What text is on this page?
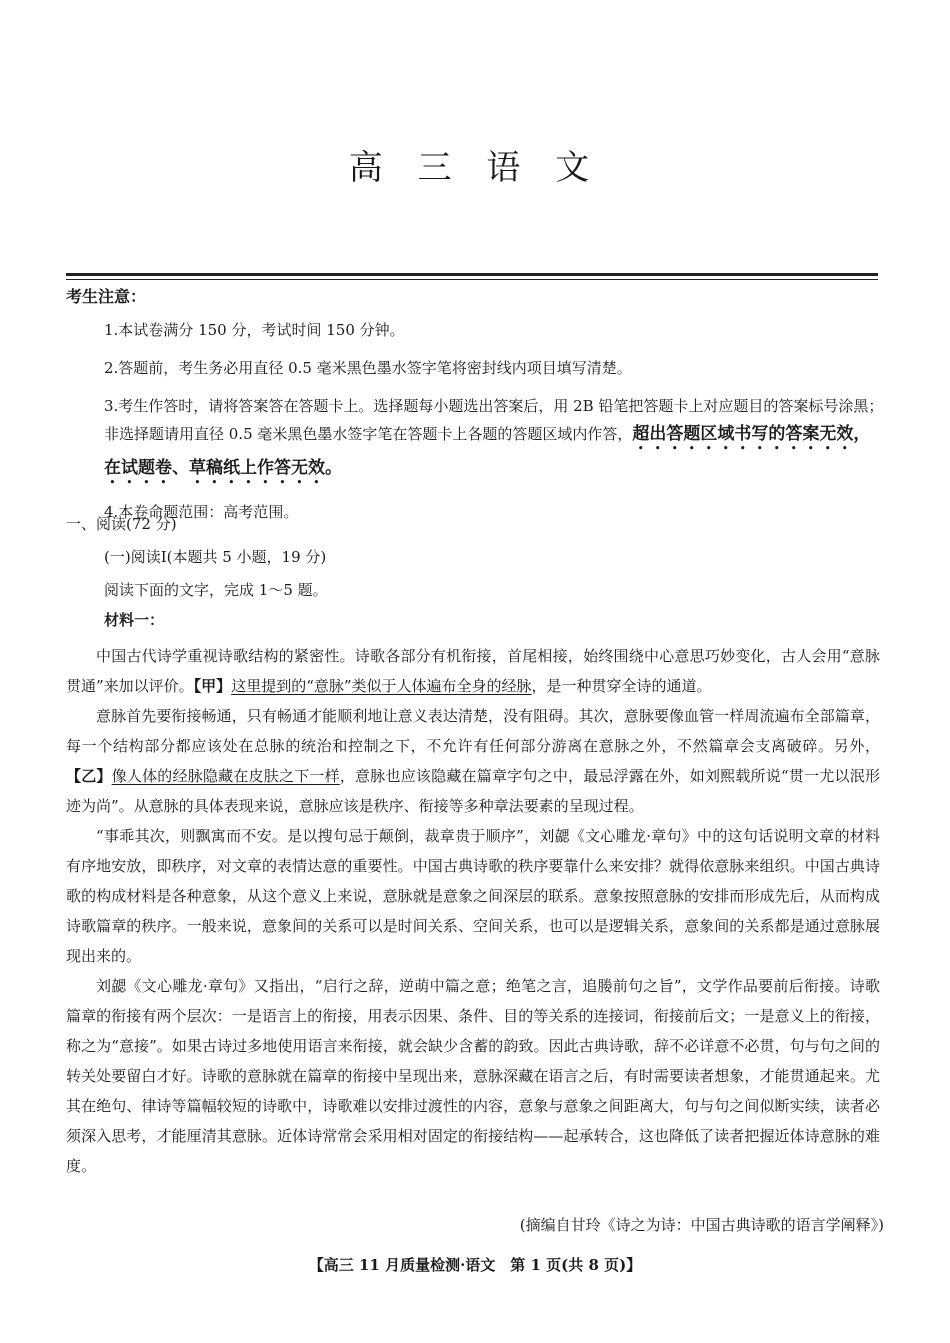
高 三 语 文
考生注意：
1.本试卷满分 150 分，考试时间 150 分钟。
2.答题前，考生务必用直径 0.5 毫米黑色墨水签字笔将密封线内项目填写清楚。
3.考生作答时，请将答案答在答题卡上。选择题每小题选出答案后，用 2B 铅笔把答题卡上对应题目的答案标号涂黑；非选择题请用直径 0.5 毫米黑色墨水签字笔在答题卡上各题的答题区域内作答，超出答题区域书写的答案无效，在试题卷、草稿纸上作答无效。
4.本卷命题范围：高考范围。
一、阅读(72 分)
(一)阅读Ⅰ(本题共 5 小题，19 分)
阅读下面的文字，完成 1～5 题。
材料一：

中国古代诗学重视诗歌结构的紧密性。诗歌各部分有机衔接，首尾相接，始终围绕中心意思巧妙变化，古人会用“意脉贯通”来加以评价。【甲】这里提到的“意脉”类似于人体遍布全身的经脉，是一种贯穿全诗的通道。

意脉首先要衔接畅通，只有畅通才能顺利地让意义表达清楚，没有阻碍。其次，意脉要像血管一样周流遍布全部篇章，每一个结构部分都应该处在总脉的统治和控制之下，不允许有任何部分游离在意脉之外，不然篇章会支离破碎。另外，【乙】像人体的经脉隐藏在皮肤之下一样，意脉也应该隐藏在篇章字句之中，最忌浮露在外，如刘熙载所说“贯一尤以泯形迹为尚”。从意脉的具体表现来说，意脉应该是秩序、衔接等多种章法要素的呈现过程。

“事乖其次，则飘寓而不安。是以搜句忌于颠倒，裁章贵于顺序”，刘勰《文心雕龙·章句》中的这句话说明文章的材料有序地安放，即秩序，对文章的表情达意的重要性。中国古典诗歌的秩序要靠什么来安排？就得依意脉来组织。中国古典诗歌的构成材料是各种意象，从这个意义上来说，意脉就是意象之间深层的联系。意象按照意脉的安排而形成先后，从而构成诗歌篇章的秩序。一般来说，意象间的关系可以是时间关系、空间关系，也可以是逻辑关系，意象间的关系都是通过意脉展现出来的。

刘勰《文心雕龙·章句》又指出，“启行之辞，逆萌中篇之意；绝笔之言，追媵前句之旨”，文学作品要前后衔接。诗歌篇章的衔接有两个层次：一是语言上的衔接，用表示因果、条件、目的等关系的连接词，衔接前后文；一是意义上的衔接，称之为“意接”。如果古诗过多地使用语言来衔接，就会缺少含蓄的韵致。因此古典诗歌，辞不必详意不必贯，句与句之间的转关处要留白才好。诗歌的意脉就在篇章的衔接中呈现出来，意脉深藏在语言之后，有时需要读者想象，才能贯通起来。尤其在绝句、律诗等篇幅较短的诗歌中，诗歌难以安排过渡性的内容，意象与意象之间距离大，句与句之间似断实续，读者必须深入思考，才能厘清其意脉。近体诗常常会采用相对固定的衔接结构——起承转合，这也降低了读者把握近体诗意脉的难度。

(摘编自甘玲《诗之为诗：中国古典诗歌的语言学阐释》)
【高三 11 月质量检测·语文　第 1 页(共 8 页)】
